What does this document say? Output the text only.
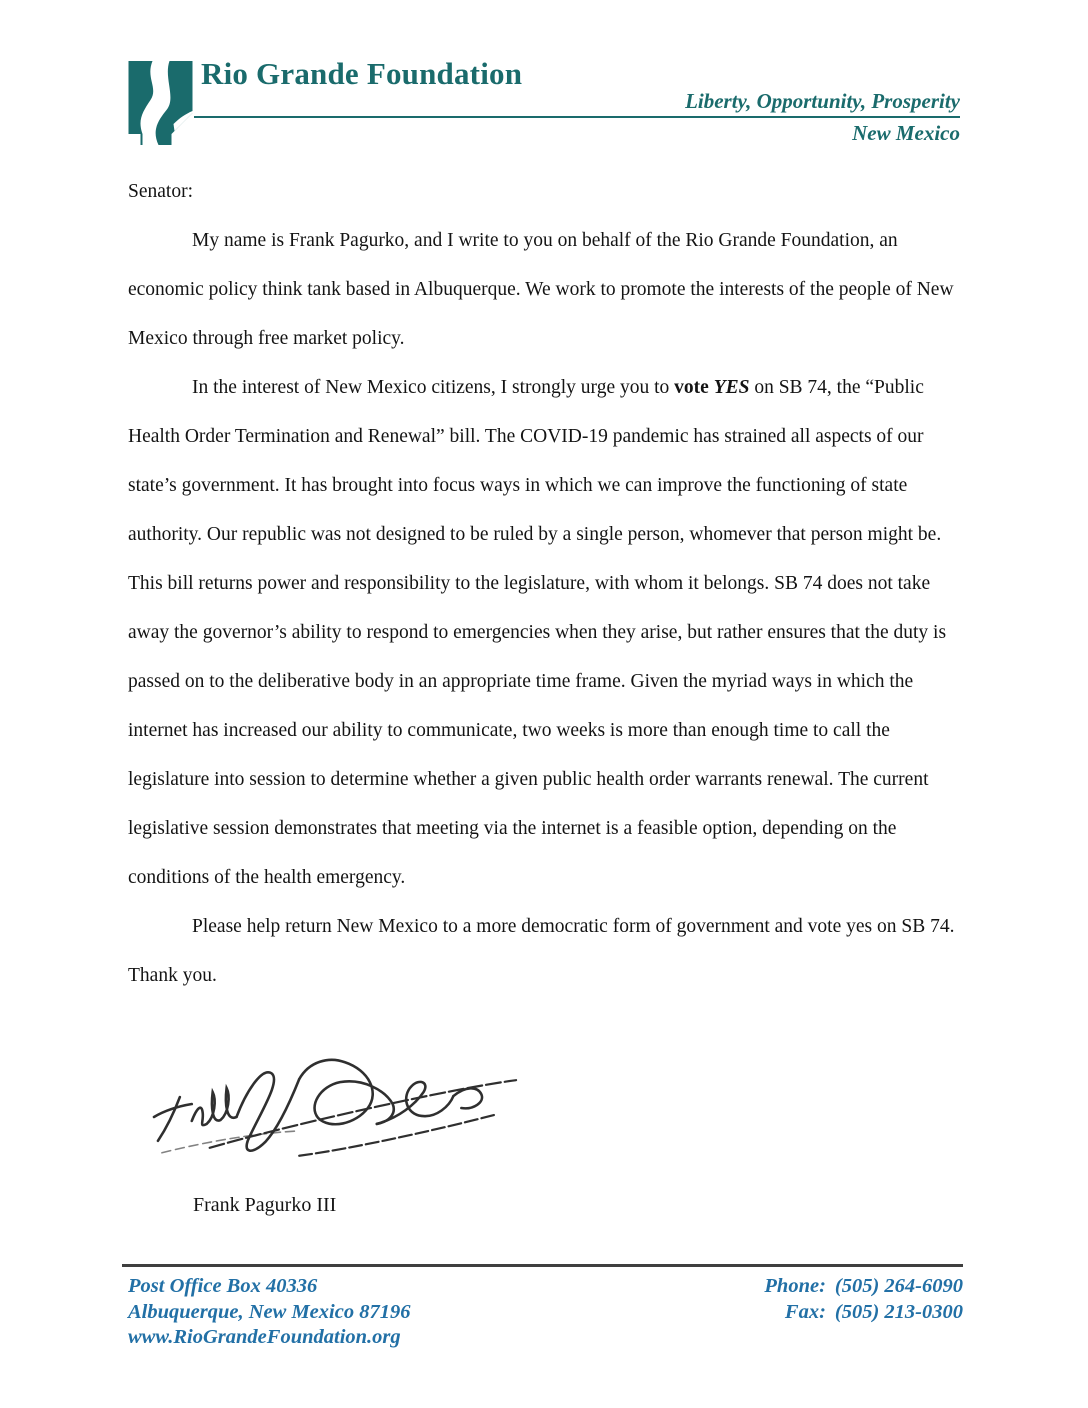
Rio Grande Foundation
Liberty, Opportunity, Prosperity
New Mexico

Senator:

My name is Frank Pagurko, and I write to you on behalf of the Rio Grande Foundation, an economic policy think tank based in Albuquerque. We work to promote the interests of the people of New Mexico through free market policy.

In the interest of New Mexico citizens, I strongly urge you to vote YES on SB 74, the “Public Health Order Termination and Renewal” bill. The COVID-19 pandemic has strained all aspects of our state’s government. It has brought into focus ways in which we can improve the functioning of state authority. Our republic was not designed to be ruled by a single person, whomever that person might be. This bill returns power and responsibility to the legislature, with whom it belongs. SB 74 does not take away the governor’s ability to respond to emergencies when they arise, but rather ensures that the duty is passed on to the deliberative body in an appropriate time frame. Given the myriad ways in which the internet has increased our ability to communicate, two weeks is more than enough time to call the legislature into session to determine whether a given public health order warrants renewal. The current legislative session demonstrates that meeting via the internet is a feasible option, depending on the conditions of the health emergency.

Please help return New Mexico to a more democratic form of government and vote yes on SB 74. Thank you.

Frank Pagurko III
Post Office Box 40336
Albuquerque, New Mexico 87196
www.RioGrandeFoundation.org
Phone: (505) 264-6090
Fax: (505) 213-0300
